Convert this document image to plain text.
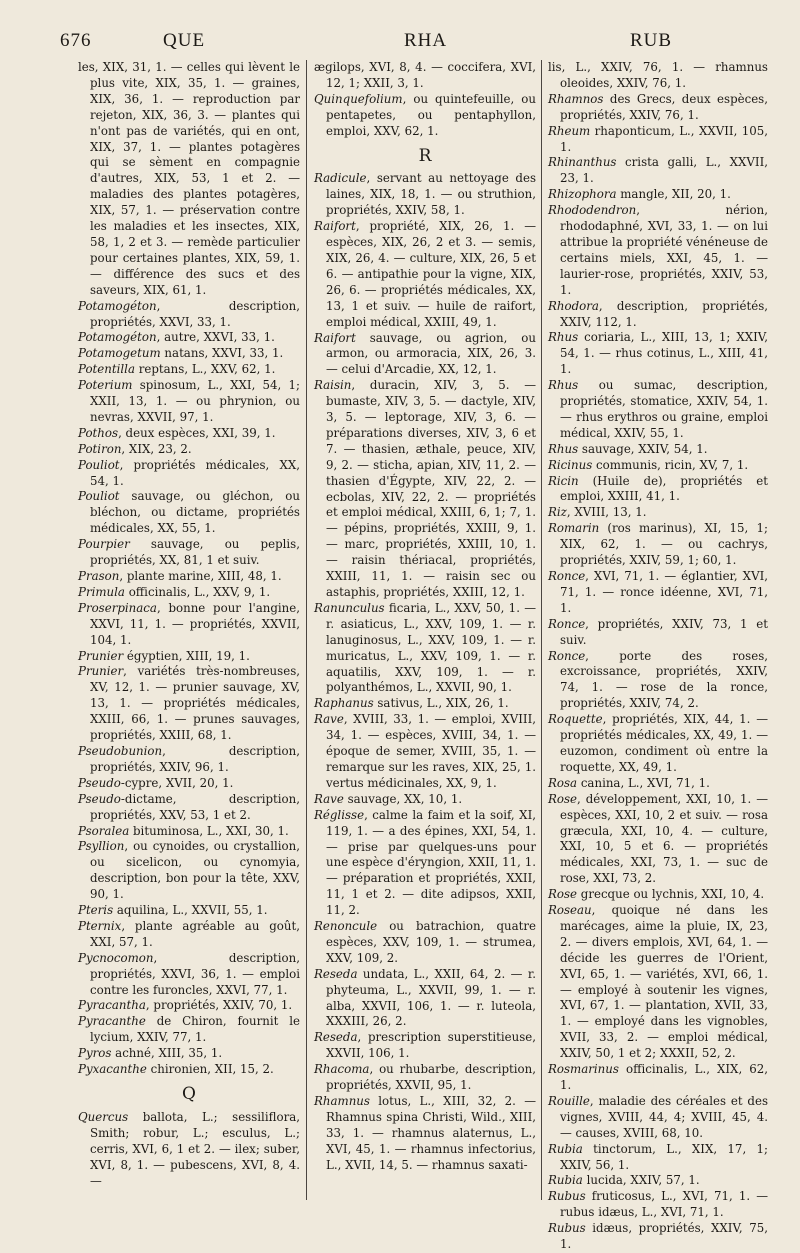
676	QUE	RHA	RUB

les, XIX, 31, 1. — celles qui lèvent le plus vite, XIX, 35, 1. — graines, XIX, 36, 1. — reproduction par rejeton, XIX, 36, 3. — plantes qui n'ont pas de variétés, qui en ont, XIX, 37, 1. — plantes potagères qui se sèment en compagnie d'autres, XIX, 53, 1 et 2. — maladies des plantes potagères, XIX, 57, 1. — préservation contre les maladies et les insectes, XIX, 58, 1, 2 et 3. — remède particulier pour certaines plantes, XIX, 59, 1. — différence des sucs et des saveurs, XIX, 61, 1.

Potamogéton, description, propriétés, XXVI, 33, 1.

Potamogéton, autre, XXVI, 33, 1.

Potamogetum natans, XXVI, 33, 1.

Potentilla reptans, L., XXV, 62, 1.

Poterium spinosum, L., XXI, 54, 1; XXII, 13, 1. — ou phrynion, ou nevras, XXVII, 97, 1.

Pothos, deux espèces, XXI, 39, 1.

Potiron, XIX, 23, 2.

Pouliot, propriétés médicales, XX, 54, 1.

Pouliot sauvage, ou gléchon, ou bléchon, ou dictame, propriétés médicales, XX, 55, 1.

Pourpier sauvage, ou peplis, propriétés, XX, 81, 1 et suiv.

Prason, plante marine, XIII, 48, 1.

Primula officinalis, L., XXV, 9, 1.

Proserpinaca, bonne pour l'angine, XXVI, 11, 1. — propriétés, XXVII, 104, 1.

Prunier égyptien, XIII, 19, 1.

Prunier, variétés très-nombreuses, XV, 12, 1. — prunier sauvage, XV, 13, 1. — propriétés médicales, XXIII, 66, 1. — prunes sauvages, propriétés, XXIII, 68, 1.

Pseudobunion, description, propriétés, XXIV, 96, 1.

Pseudo-cypre, XVII, 20, 1.

Pseudo-dictame, description, propriétés, XXV, 53, 1 et 2.

Psoralea bituminosa, L., XXI, 30, 1.

Psyllion, ou cynoides, ou crystallion, ou sicelicon, ou cynomyia, description, bon pour la tête, XXV, 90, 1.

Pteris aquilina, L., XXVII, 55, 1.

Pternix, plante agréable au goût, XXI, 57, 1.

Pycnocomon, description, propriétés, XXVI, 36, 1. — emploi contre les furoncles, XXVI, 77, 1.

Pyracantha, propriétés, XXIV, 70, 1.

Pyracanthe de Chiron, fournit le lycium, XXIV, 77, 1.

Pyros achné, XIII, 35, 1.

Pyxacanthe chironien, XII, 15, 2.

Q

Quercus ballota, L.; sessiliflora, Smith; robur, L.; esculus, L.; cerris, XVI, 6, 1 et 2. — ilex; suber, XVI, 8, 1. — pubescens, XVI, 8, 4. —

ægilops, XVI, 8, 4. — coccifera, XVI, 12, 1; XXII, 3, 1.

Quinquefolium, ou quintefeuille, ou pentapetes, ou pentaphyllon, emploi, XXV, 62, 1.

R

Radicule, servant au nettoyage des laines, XIX, 18, 1. — ou struthion, propriétés, XXIV, 58, 1.

Raifort, propriété, XIX, 26, 1. — espèces, XIX, 26, 2 et 3. — semis, XIX, 26, 4. — culture, XIX, 26, 5 et 6. — antipathie pour la vigne, XIX, 26, 6. — propriétés médicales, XX, 13, 1 et suiv. — huile de raifort, emploi médical, XXIII, 49, 1.

Raifort sauvage, ou agrion, ou armon, ou armoracia, XIX, 26, 3. — celui d'Arcadie, XX, 12, 1.

Raisin, duracin, XIV, 3, 5. — bumaste, XIV, 3, 5. — dactyle, XIV, 3, 5. — leptorage, XIV, 3, 6. — préparations diverses, XIV, 3, 6 et 7. — thasien, æthale, peuce, XIV, 9, 2. — sticha, apian, XIV, 11, 2. — thasien d'Égypte, XIV, 22, 2. — ecbolas, XIV, 22, 2. — propriétés et emploi médical, XXIII, 6, 1; 7, 1. — pépins, propriétés, XXIII, 9, 1. — marc, propriétés, XXIII, 10, 1. — raisin thériacal, propriétés, XXIII, 11, 1. — raisin sec ou astaphis, propriétés, XXIII, 12, 1.

Ranunculus ficaria, L., XXV, 50, 1. — r. asiaticus, L., XXV, 109, 1. — r. lanuginosus, L., XXV, 109, 1. — r. muricatus, L., XXV, 109, 1. — r. aquatilis, XXV, 109, 1. — r. polyanthémos, L., XXVII, 90, 1.

Raphanus sativus, L., XIX, 26, 1.

Rave, XVIII, 33, 1. — emploi, XVIII, 34, 1. — espèces, XVIII, 34, 1. — époque de semer, XVIII, 35, 1. — remarque sur les raves, XIX, 25, 1. vertus médicinales, XX, 9, 1.

Rave sauvage, XX, 10, 1.

Réglisse, calme la faim et la soif, XI, 119, 1. — a des épines, XXI, 54, 1. — prise par quelques-uns pour une espèce d'éryngion, XXII, 11, 1. — préparation et propriétés, XXII, 11, 1 et 2. — dite adipsos, XXII, 11, 2.

Renoncule ou batrachion, quatre espèces, XXV, 109, 1. — strumea, XXV, 109, 2.

Reseda undata, L., XXII, 64, 2. — r. phyteuma, L., XXVII, 99, 1. — r. alba, XXVII, 106, 1. — r. luteola, XXXIII, 26, 2.

Reseda, prescription superstitieuse, XXVII, 106, 1.

Rhacoma, ou rhubarbe, description, propriétés, XXVII, 95, 1.

Rhamnus lotus, L., XIII, 32, 2. — Rhamnus spina Christi, Wild., XIII, 33, 1. — rhamnus alaternus, L., XVI, 45, 1. — rhamnus infectorius, L., XVII, 14, 5. — rhamnus saxati-

lis, L., XXIV, 76, 1. — rhamnus oleoides, XXIV, 76, 1.

Rhamnos des Grecs, deux espèces, propriétés, XXIV, 76, 1.

Rheum rhaponticum, L., XXVII, 105, 1.

Rhinanthus crista galli, L., XXVII, 23, 1.

Rhizophora mangle, XII, 20, 1.

Rhododendron, nérion, rhododaphné, XVI, 33, 1. — on lui attribue la propriété vénéneuse de certains miels, XXI, 45, 1. — laurier-rose, propriétés, XXIV, 53, 1.

Rhodora, description, propriétés, XXIV, 112, 1.

Rhus coriaria, L., XIII, 13, 1; XXIV, 54, 1. — rhus cotinus, L., XIII, 41, 1.

Rhus ou sumac, description, propriétés, stomatice, XXIV, 54, 1. — rhus erythros ou graine, emploi médical, XXIV, 55, 1.

Rhus sauvage, XXIV, 54, 1.

Ricinus communis, ricin, XV, 7, 1.

Ricin (Huile de), propriétés et emploi, XXIII, 41, 1.

Riz, XVIII, 13, 1.

Romarin (ros marinus), XI, 15, 1; XIX, 62, 1. — ou cachrys, propriétés, XXIV, 59, 1; 60, 1.

Ronce, XVI, 71, 1. — églantier, XVI, 71, 1. — ronce idéenne, XVI, 71, 1.

Ronce, propriétés, XXIV, 73, 1 et suiv.

Ronce, porte des roses, excroissance, propriétés, XXIV, 74, 1. — rose de la ronce, propriétés, XXIV, 74, 2.

Roquette, propriétés, XIX, 44, 1. — propriétés médicales, XX, 49, 1. — euzomon, condiment où entre la roquette, XX, 49, 1.

Rosa canina, L., XVI, 71, 1.

Rose, développement, XXI, 10, 1. — espèces, XXI, 10, 2 et suiv. — rosa græcula, XXI, 10, 4. — culture, XXI, 10, 5 et 6. — propriétés médicales, XXI, 73, 1. — suc de rose, XXI, 73, 2.

Rose grecque ou lychnis, XXI, 10, 4.

Roseau, quoique né dans les marécages, aime la pluie, IX, 23, 2. — divers emplois, XVI, 64, 1. — décide les guerres de l'Orient, XVI, 65, 1. — variétés, XVI, 66, 1. — employé à soutenir les vignes, XVI, 67, 1. — plantation, XVII, 33, 1. — employé dans les vignobles, XVII, 33, 2. — emploi médical, XXIV, 50, 1 et 2; XXXII, 52, 2.

Rosmarinus officinalis, L., XIX, 62, 1.

Rouille, maladie des céréales et des vignes, XVIII, 44, 4; XVIII, 45, 4. — causes, XVIII, 68, 10.

Rubia tinctorum, L., XIX, 17, 1; XXIV, 56, 1.

Rubia lucida, XXIV, 57, 1.

Rubus fruticosus, L., XVI, 71, 1. — rubus idæus, L., XVI, 71, 1.

Rubus idæus, propriétés, XXIV, 75, 1.
